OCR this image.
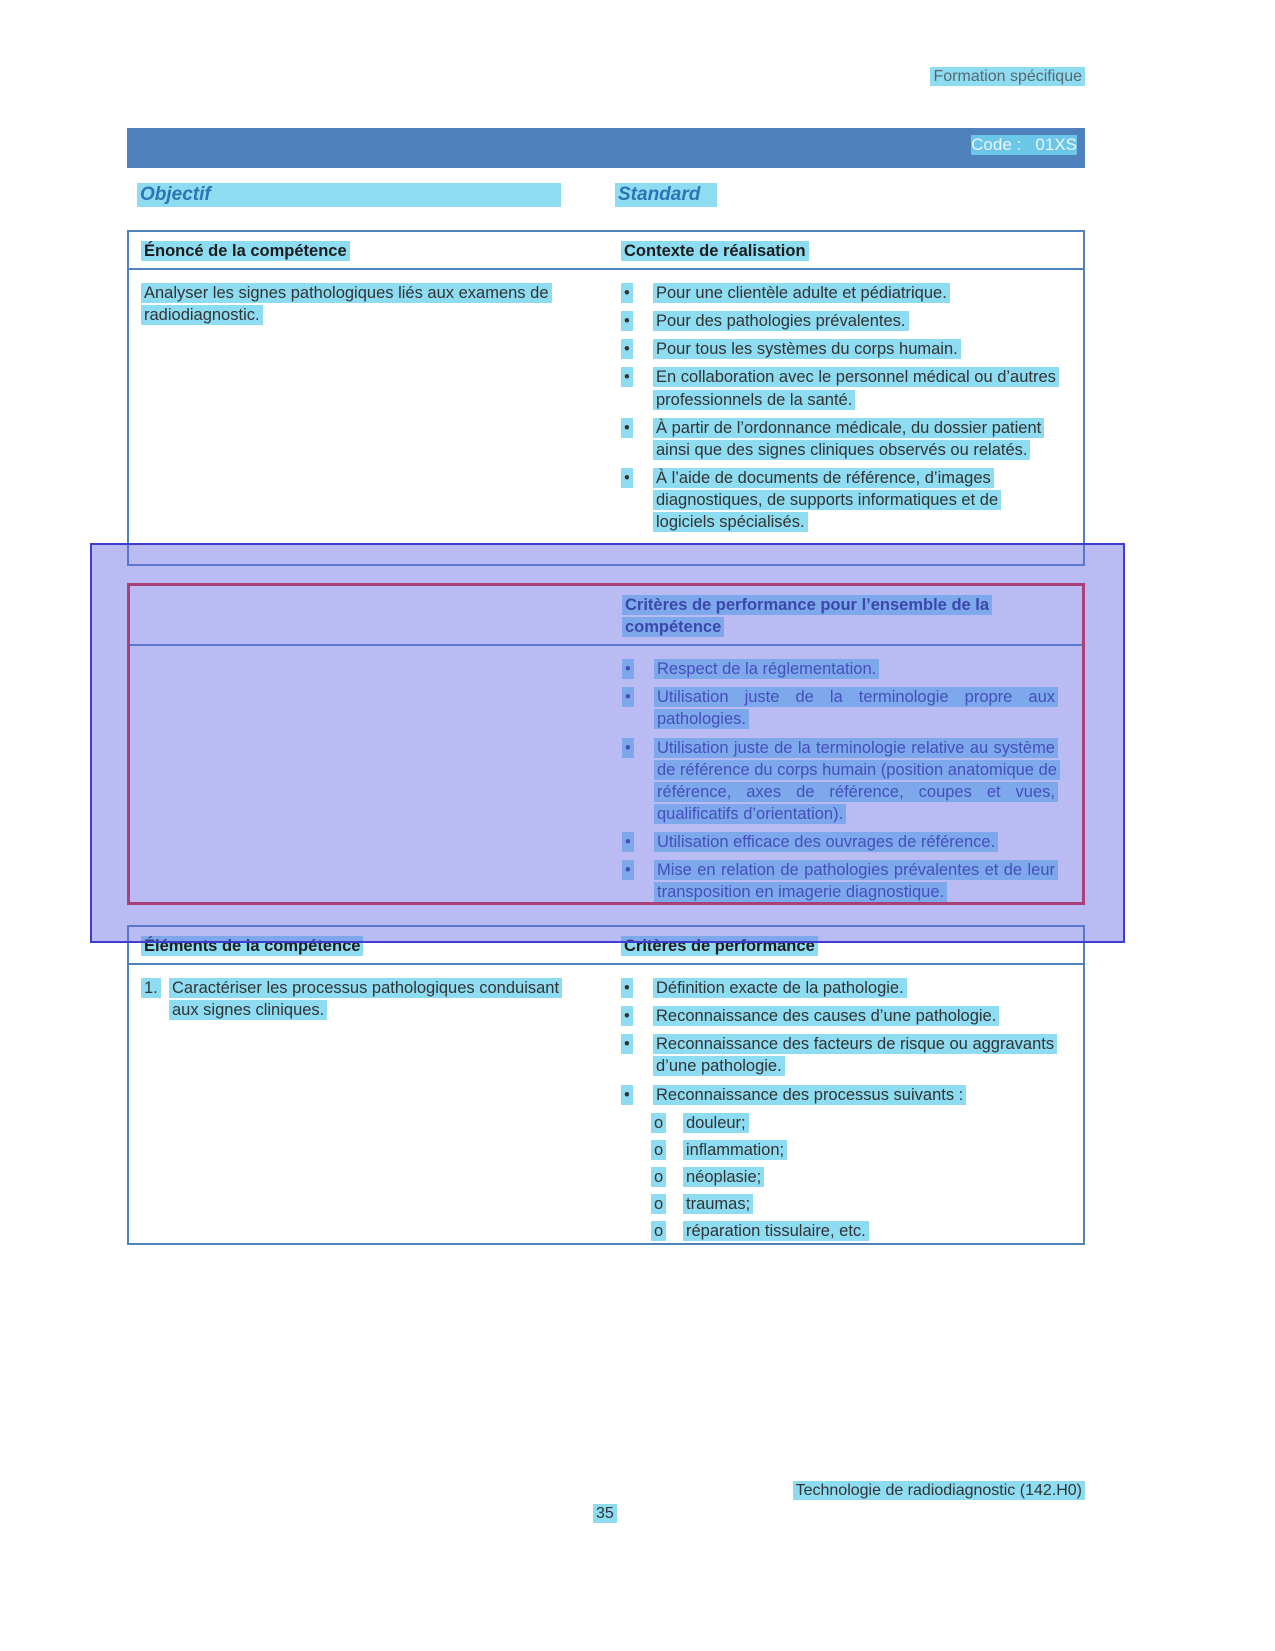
Formation spécifique
Code :   01XS
Objectif	Standard
Énoncé de la compétence	Contexte de réalisation
Analyser les signes pathologiques liés aux examens de radiodiagnostic.
•	Pour une clientèle adulte et pédiatrique.
•	Pour des pathologies prévalentes.
•	Pour tous les systèmes du corps humain.
•	En collaboration avec le personnel médical ou d’autres professionnels de la santé.
•	À partir de l’ordonnance médicale, du dossier patient ainsi que des signes cliniques observés ou relatés.
•	À l’aide de documents de référence, d’images diagnostiques, de supports informatiques et de logiciels spécialisés.
Critères de performance pour l’ensemble de la compétence
•	Respect de la réglementation.
•	Utilisation juste de la terminologie propre aux pathologies.
•	Utilisation juste de la terminologie relative au système de référence du corps humain (position anatomique de référence, axes de référence, coupes et vues, qualificatifs d’orientation).
•	Utilisation efficace des ouvrages de référence.
•	Mise en relation de pathologies prévalentes et de leur transposition en imagerie diagnostique.
Éléments de la compétence	Critères de performance
1. Caractériser les processus pathologiques conduisant aux signes cliniques.
•	Définition exacte de la pathologie.
•	Reconnaissance des causes d’une pathologie.
•	Reconnaissance des facteurs de risque ou aggravants d’une pathologie.
•	Reconnaissance des processus suivants :
o	douleur;
o	inflammation;
o	néoplasie;
o	traumas;
o	réparation tissulaire, etc.
Technologie de radiodiagnostic (142.H0)
35
